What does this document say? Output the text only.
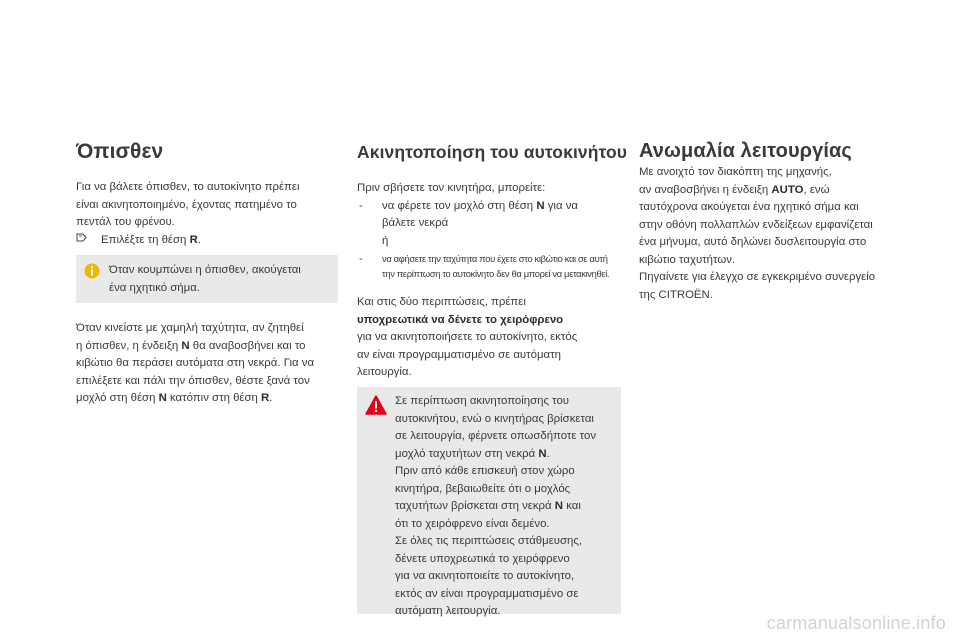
Όπισθεν

Για να βάλετε όπισθεν, το αυτοκίνητο πρέπει
είναι ακινητοποιημένο, έχοντας πατημένο το
πεντάλ του φρένου.

Επιλέξτε τη θέση R.

Όταν κουμπώνει η όπισθεν, ακούγεται
ένα ηχητικό σήμα.

Όταν κινείστε με χαμηλή ταχύτητα, αν ζητηθεί
η όπισθεν, η ένδειξη N θα αναβοσβήνει και το
κιβώτιο θα περάσει αυτόματα στη νεκρά. Για να
επιλέξετε και πάλι την όπισθεν, θέστε ξανά τον
μοχλό στη θέση N κατόπιν στη θέση R.

Ακινητοποίηση του αυτοκινήτου

Πριν σβήσετε τον κινητήρα, μπορείτε:

- να φέρετε τον μοχλό στη θέση N για να
βάλετε νεκρά
ή

- να αφήσετε την ταχύτητα που έχετε στο κιβώτιο και σε αυτή
την περίπτωση το αυτοκίνητο δεν θα μπορεί να μετακινηθεί.

Και στις δύο περιπτώσεις, πρέπει
υποχρεωτικά να δένετε το χειρόφρενο
για να ακινητοποιήσετε το αυτοκίνητο, εκτός
αν είναι προγραμματισμένο σε αυτόματη
λειτουργία.

Σε περίπτωση ακινητοποίησης του
αυτοκινήτου, ενώ ο κινητήρας βρίσκεται
σε λειτουργία, φέρνετε οπωσδήποτε τον
μοχλό ταχυτήτων στη νεκρά N.
Πριν από κάθε επισκευή στον χώρο
κινητήρα, βεβαιωθείτε ότι ο μοχλός
ταχυτήτων βρίσκεται στη νεκρά N και
ότι το χειρόφρενο είναι δεμένο.
Σε όλες τις περιπτώσεις στάθμευσης,
δένετε υποχρεωτικά το χειρόφρενο
για να ακινητοποιείτε το αυτοκίνητο,
εκτός αν είναι προγραμματισμένο σε
αυτόματη λειτουργία.

Ανωμαλία λειτουργίας

Με ανοιχτό τον διακόπτη της μηχανής,
αν αναβοσβήνει η ένδειξη AUTO, ενώ
ταυτόχρονα ακούγεται ένα ηχητικό σήμα και
στην οθόνη πολλαπλών ενδείξεων εμφανίζεται
ένα μήνυμα, αυτό δηλώνει δυσλειτουργία στο
κιβώτιο ταχυτήτων.
Πηγαίνετε για έλεγχο σε εγκεκριμένο συνεργείο
της CITROËN.

carmanualsonline.info
